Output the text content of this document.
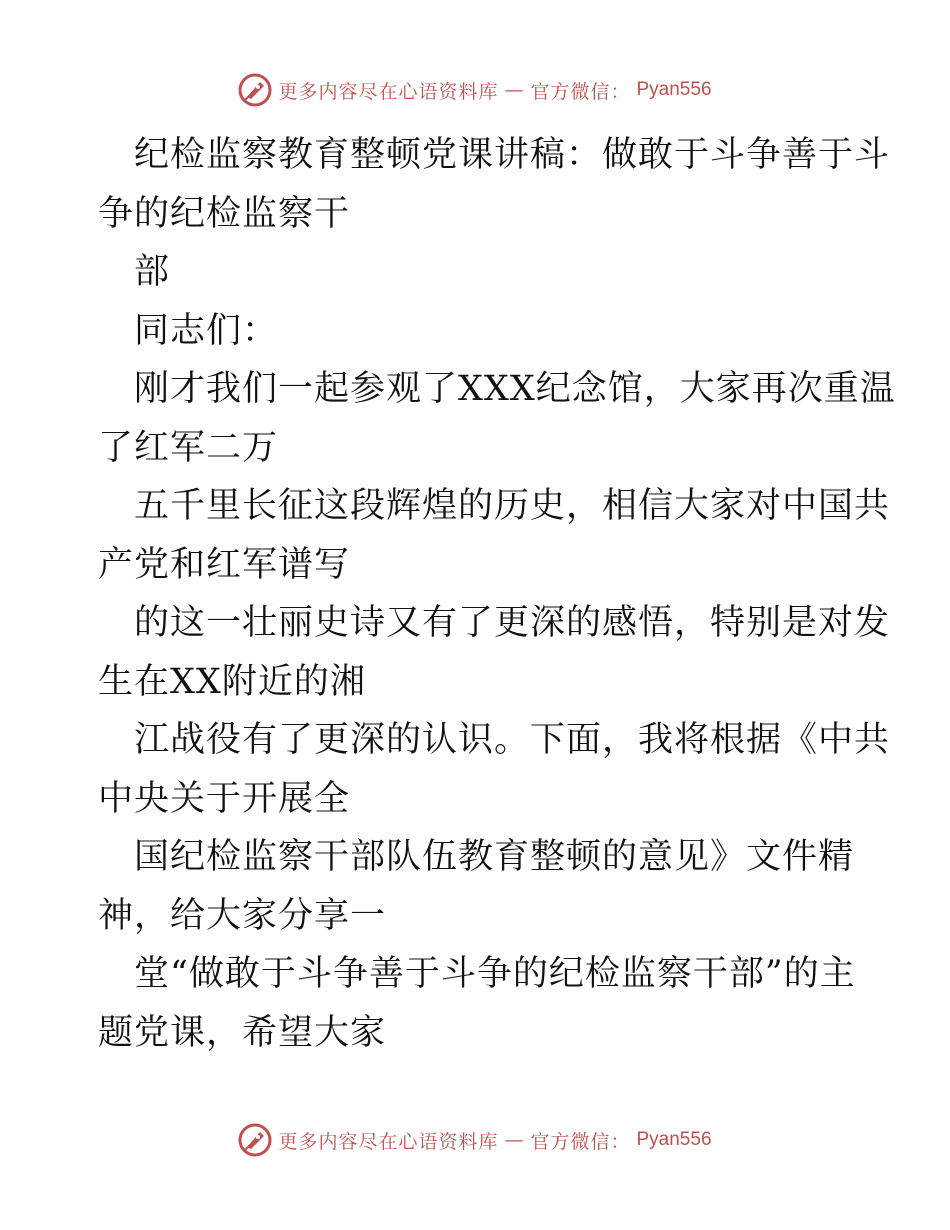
更多内容尽在心语资料库 — 官方微信： Pyan556
纪检监察教育整顿党课讲稿：做敢于斗争善于斗
争的纪检监察干
部
同志们：
刚才我们一起参观了XXX纪念馆，大家再次重温
了红军二万
五千里长征这段辉煌的历史，相信大家对中国共
产党和红军谱写
的这一壮丽史诗又有了更深的感悟，特别是对发
生在XX附近的湘
江战役有了更深的认识。下面，我将根据《中共
中央关于开展全
国纪检监察干部队伍教育整顿的意见》文件精
神，给大家分享一
堂“做敢于斗争善于斗争的纪检监察干部”的主
题党课，希望大家
更多内容尽在心语资料库 — 官方微信： Pyan556
